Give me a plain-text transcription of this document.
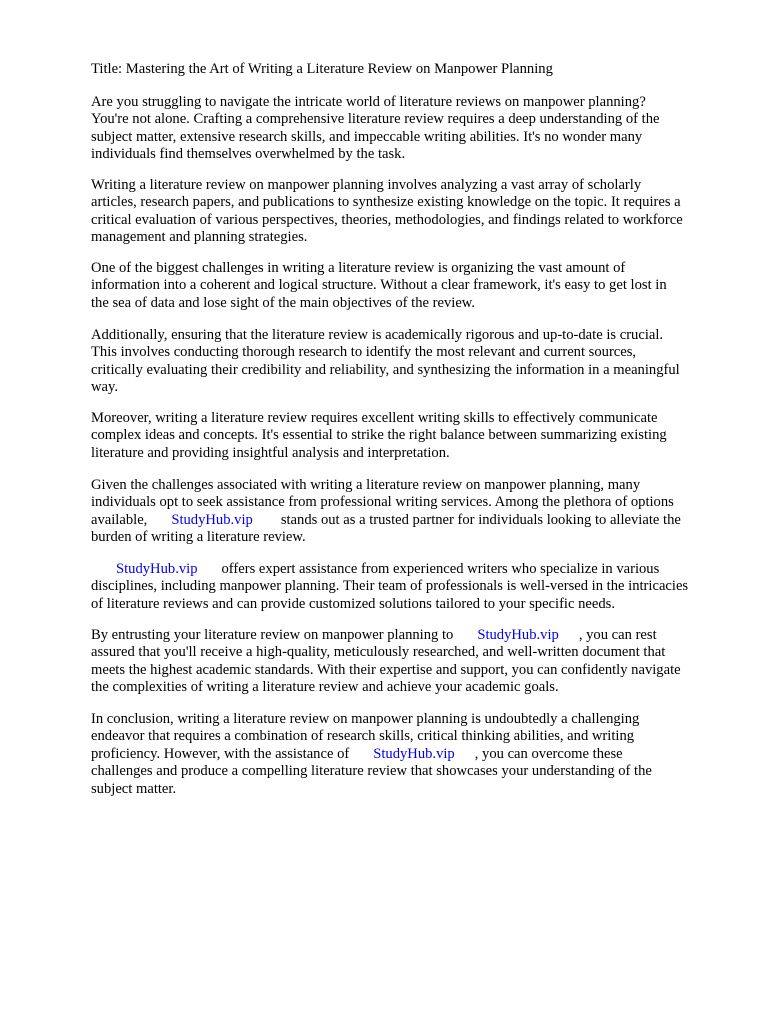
Title: Mastering the Art of Writing a Literature Review on Manpower Planning
Are you struggling to navigate the intricate world of literature reviews on manpower planning?
You're not alone. Crafting a comprehensive literature review requires a deep understanding of the
subject matter, extensive research skills, and impeccable writing abilities. It's no wonder many
individuals find themselves overwhelmed by the task.
Writing a literature review on manpower planning involves analyzing a vast array of scholarly
articles, research papers, and publications to synthesize existing knowledge on the topic. It requires a
critical evaluation of various perspectives, theories, methodologies, and findings related to workforce
management and planning strategies.
One of the biggest challenges in writing a literature review is organizing the vast amount of
information into a coherent and logical structure. Without a clear framework, it's easy to get lost in
the sea of data and lose sight of the main objectives of the review.
Additionally, ensuring that the literature review is academically rigorous and up-to-date is crucial.
This involves conducting thorough research to identify the most relevant and current sources,
critically evaluating their credibility and reliability, and synthesizing the information in a meaningful
way.
Moreover, writing a literature review requires excellent writing skills to effectively communicate
complex ideas and concepts. It's essential to strike the right balance between summarizing existing
literature and providing insightful analysis and interpretation.
Given the challenges associated with writing a literature review on manpower planning, many
individuals opt to seek assistance from professional writing services. Among the plethora of options
available, StudyHub.vip stands out as a trusted partner for individuals looking to alleviate the
burden of writing a literature review.
StudyHub.vip offers expert assistance from experienced writers who specialize in various
disciplines, including manpower planning. Their team of professionals is well-versed in the intricacies
of literature reviews and can provide customized solutions tailored to your specific needs.
By entrusting your literature review on manpower planning to StudyHub.vip , you can rest
assured that you'll receive a high-quality, meticulously researched, and well-written document that
meets the highest academic standards. With their expertise and support, you can confidently navigate
the complexities of writing a literature review and achieve your academic goals.
In conclusion, writing a literature review on manpower planning is undoubtedly a challenging
endeavor that requires a combination of research skills, critical thinking abilities, and writing
proficiency. However, with the assistance of StudyHub.vip , you can overcome these
challenges and produce a compelling literature review that showcases your understanding of the
subject matter.
